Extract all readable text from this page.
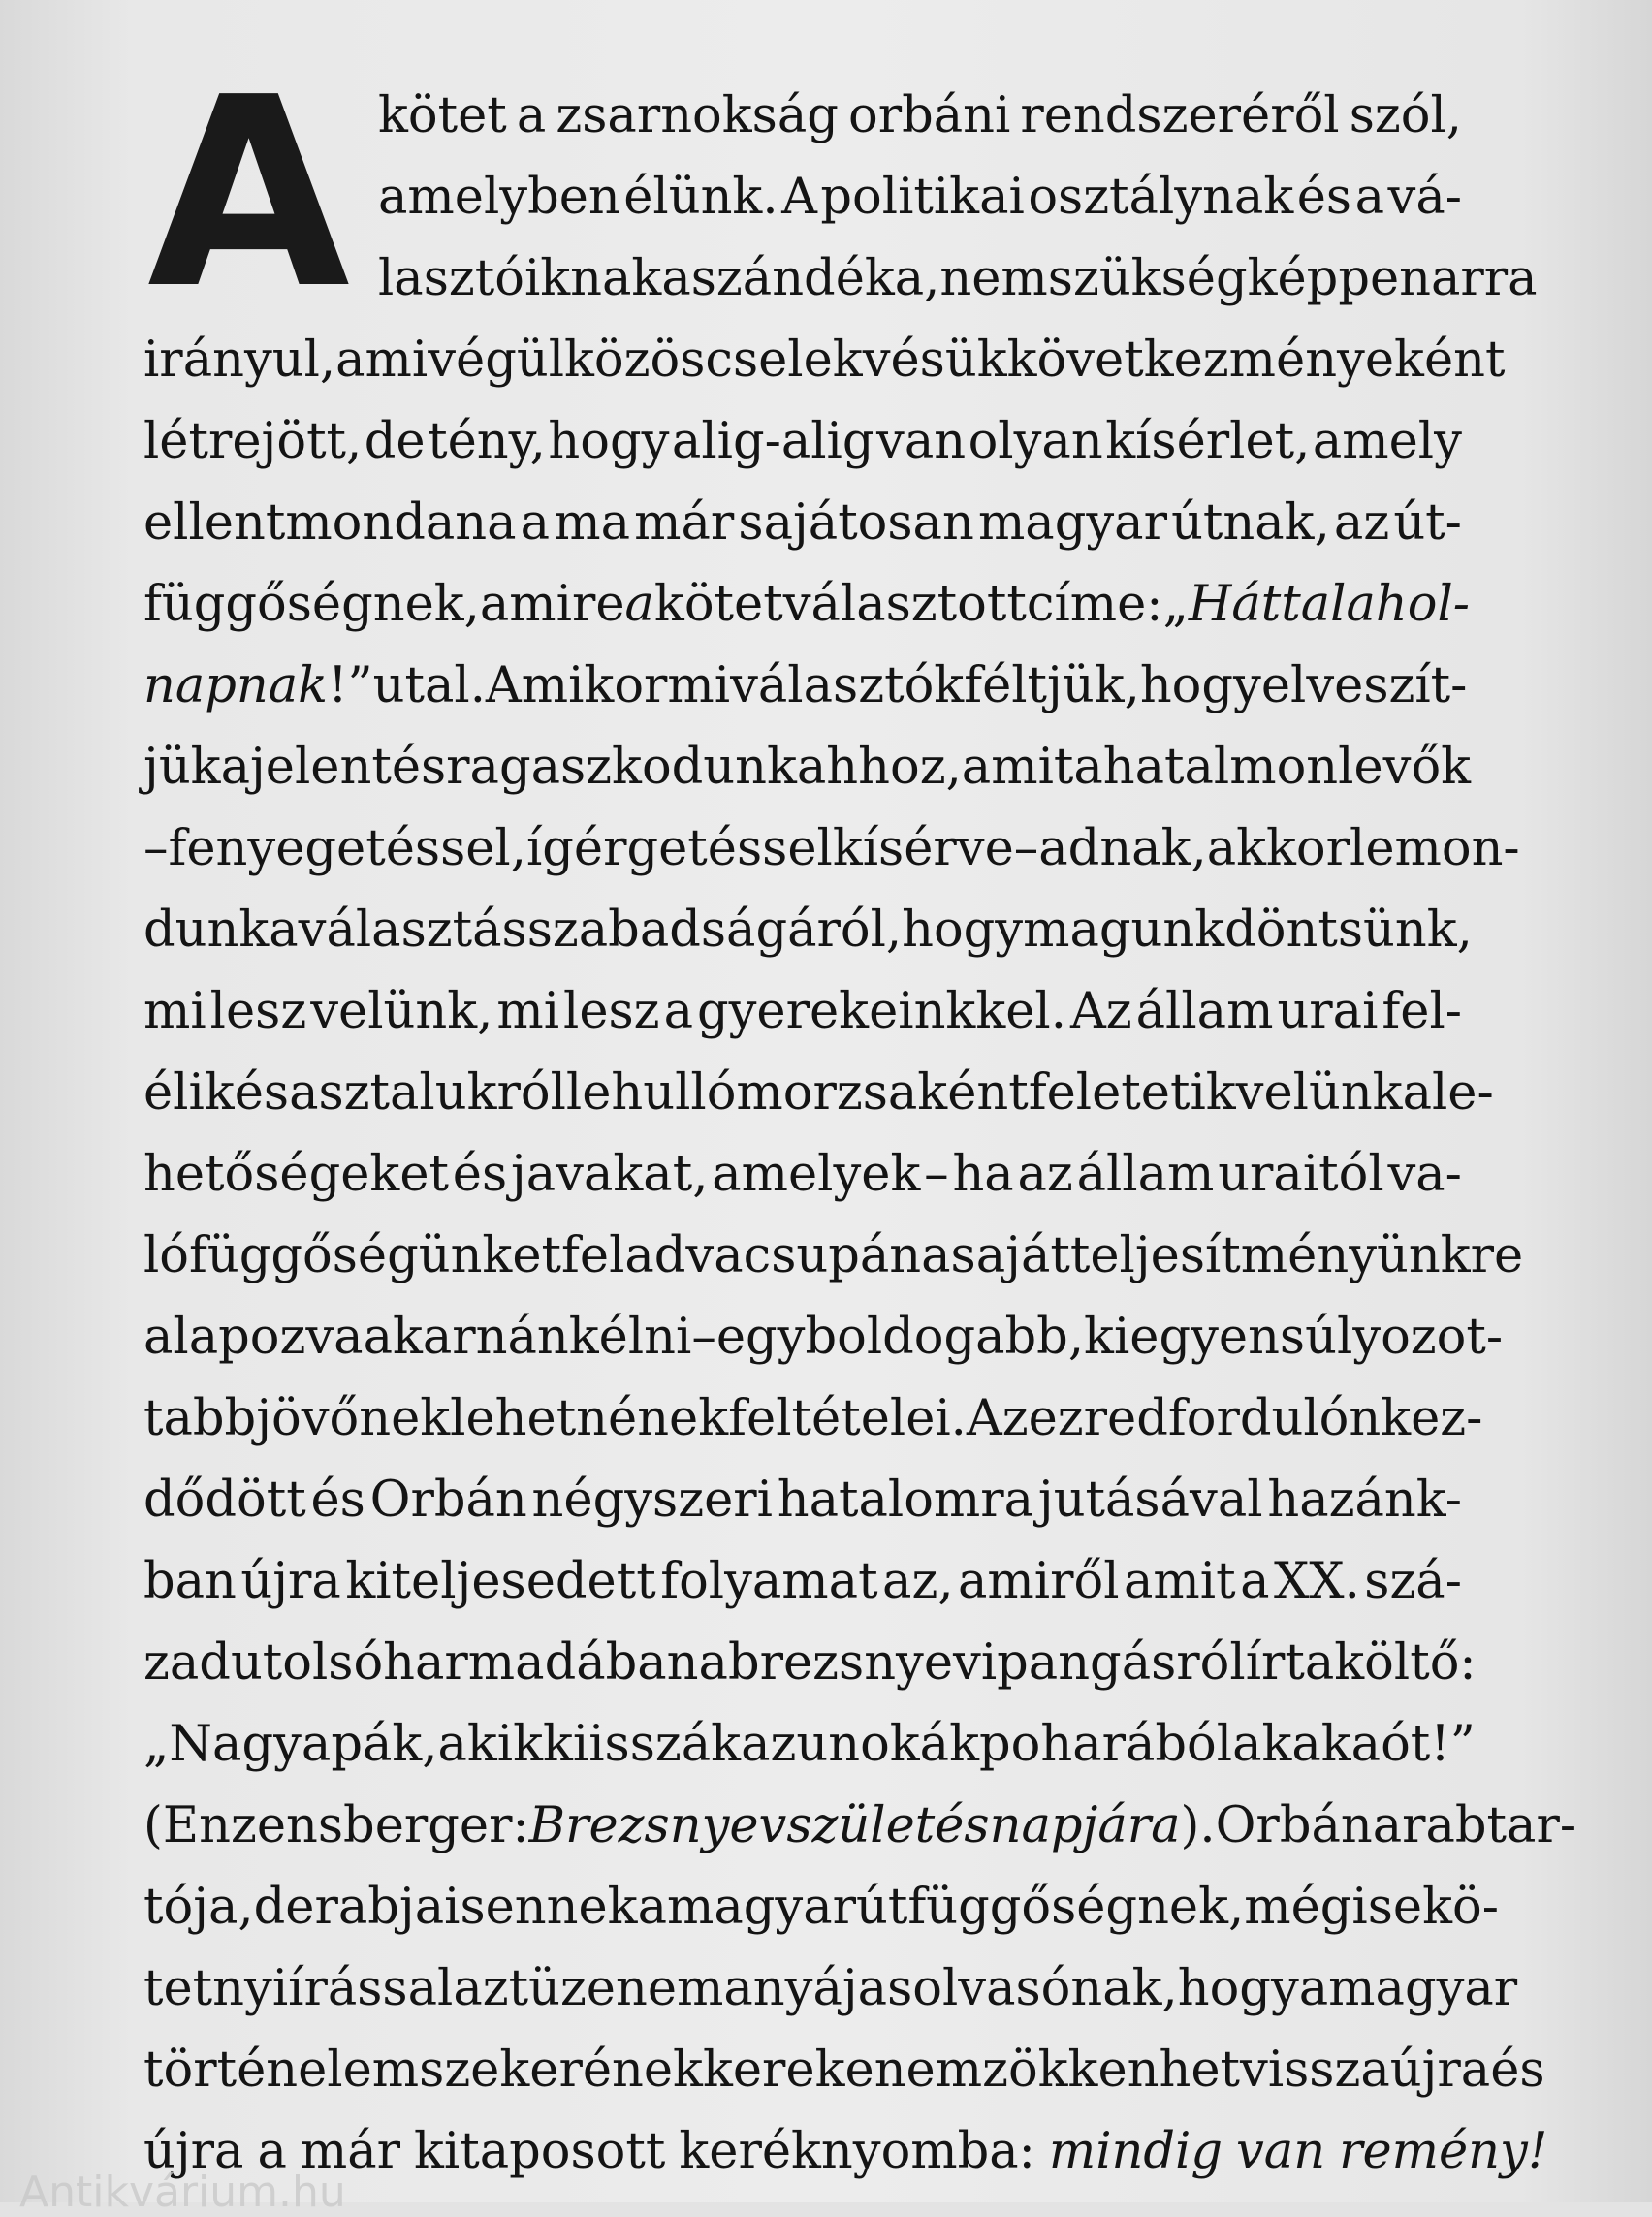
A kötet a zsarnokság orbáni rendszeréről szól,
amelyben élünk. A politikai osztálynak és a vá-
lasztóiknak a szándéka, nem szükségképpen arra
irányul, ami végül közös cselekvésük következményeként
létrejött, de tény, hogy alig-alig van olyan kísérlet, amely
ellentmondana a ma már sajátosan magyar útnak, az út-
függőségnek, amire a kötet választott címe: „Háttal a hol-
napnak!” utal. Amikor mi választók féltjük, hogy elveszít-
jük a jelent és ragaszkodunk ahhoz, amit a hatalmon levők
– fenyegetéssel, ígérgetéssel kísérve – adnak, akkor lemon-
dunk a választás szabadságáról, hogy magunk döntsünk,
mi lesz velünk, mi lesz a gyerekeinkkel. Az állam urai fel-
élik és asztalukról lehulló morzsaként feletetik velünk a le-
hetőségeket és javakat, amelyek – ha az állam uraitól va-
ló függőségünket feladva csupán a saját teljesítményünkre
alapozva akarnánk élni – egy boldogabb, kiegyensúlyozot-
tabb jövőnek lehetnének feltételei. Az ezredfordulón kez-
dődött és Orbán négyszeri hatalomra jutásával hazánk-
ban újra kiteljesedett folyamat az, amiről amit a XX. szá-
zad utolsó harmadában a brezsnyevi pangásról írt a költő:
„Nagyapák, akik kiisszák az unokák poharából a kakaót!”
(Enzensberger: Brezsnyev születésnapjára). Orbán a rabtar-
tója, de rabja is ennek a magyar útfüggőségnek, mégis e kö-
tetnyi írással azt üzenem a nyájas olvasónak, hogy a magyar
történelem szekerének kereke nem zökkenhet vissza újra és
újra a már kitaposott keréknyomba: mindig van remény!
Antikvárium.hu
